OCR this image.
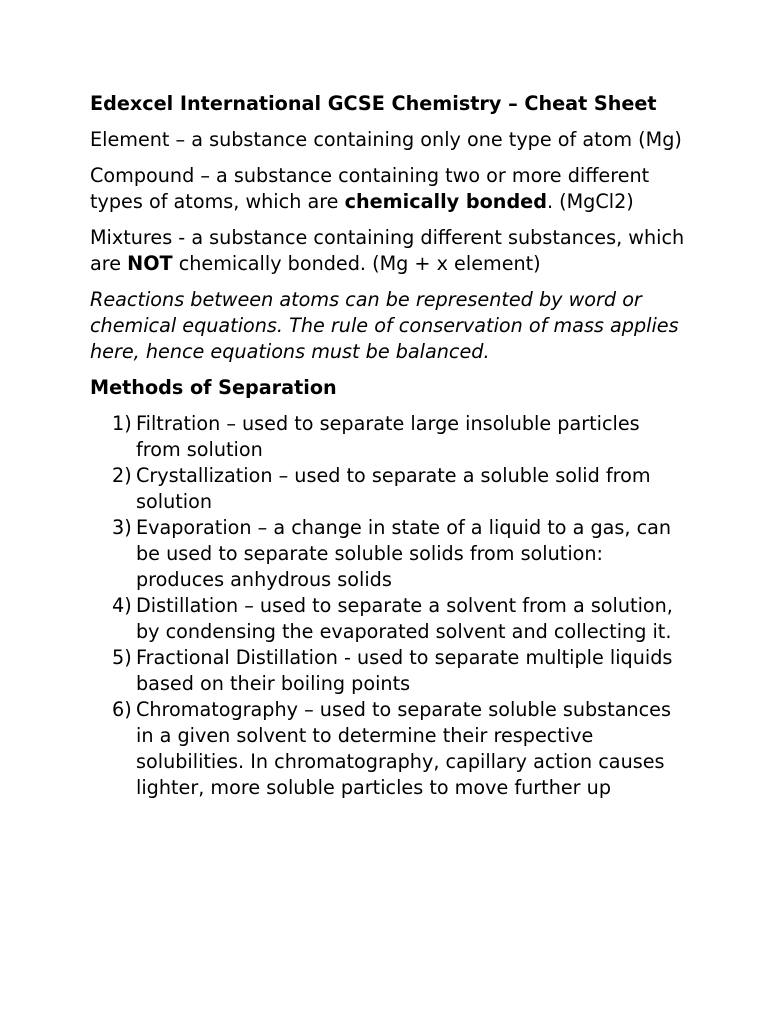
Edexcel International GCSE Chemistry – Cheat Sheet

Element – a substance containing only one type of atom (Mg)

Compound – a substance containing two or more different types of atoms, which are chemically bonded. (MgCl2)

Mixtures - a substance containing different substances, which are NOT chemically bonded. (Mg + x element)

Reactions between atoms can be represented by word or chemical equations. The rule of conservation of mass applies here, hence equations must be balanced.

Methods of Separation
1) Filtration – used to separate large insoluble particles from solution
2) Crystallization – used to separate a soluble solid from solution
3) Evaporation – a change in state of a liquid to a gas, can be used to separate soluble solids from solution: produces anhydrous solids
4) Distillation – used to separate a solvent from a solution, by condensing the evaporated solvent and collecting it.
5) Fractional Distillation - used to separate multiple liquids based on their boiling points
6) Chromatography – used to separate soluble substances in a given solvent to determine their respective solubilities. In chromatography, capillary action causes lighter, more soluble particles to move further up
